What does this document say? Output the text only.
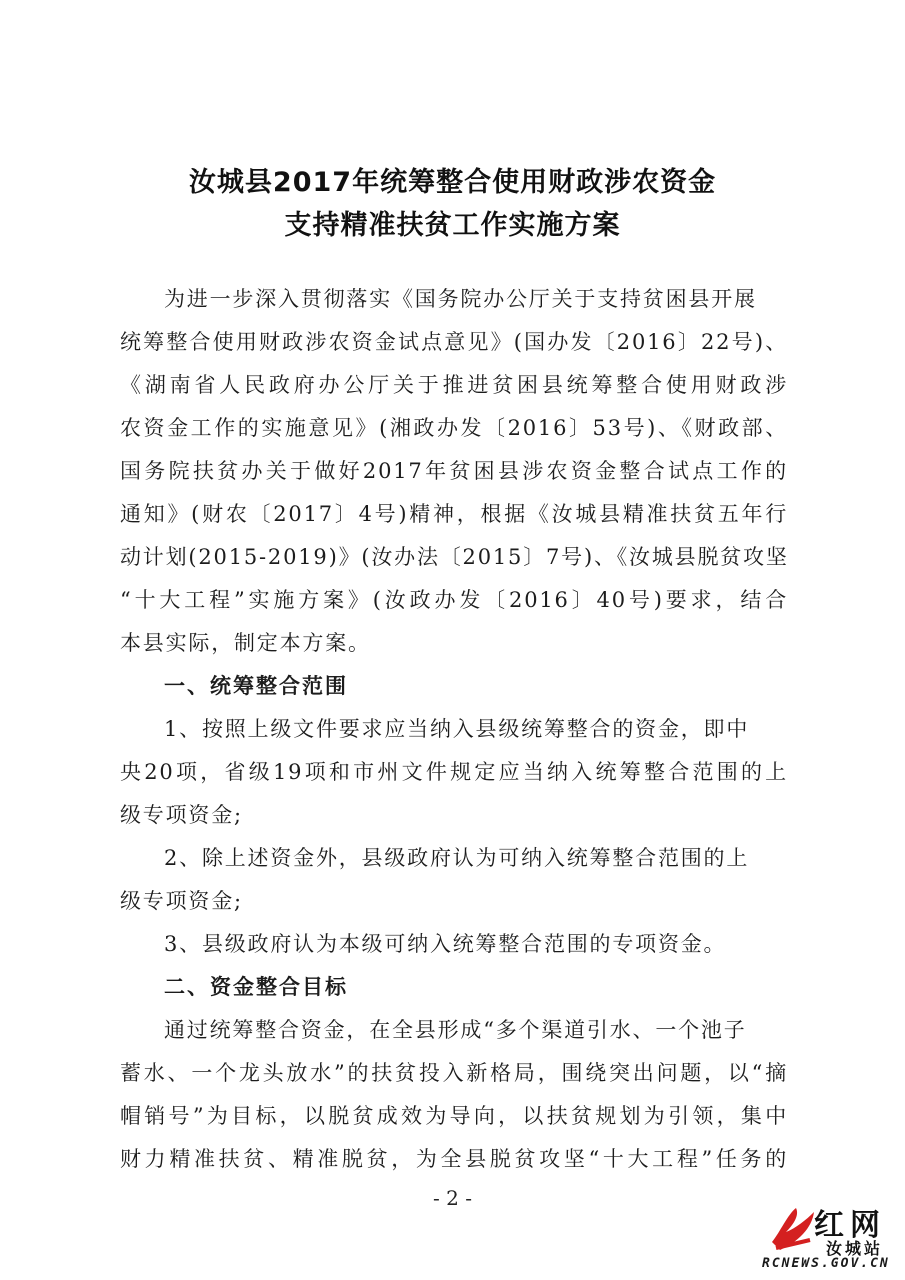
汝城县2017年统筹整合使用财政涉农资金
支持精准扶贫工作实施方案
为进一步深入贯彻落实《国务院办公厅关于支持贫困县开展
统筹整合使用财政涉农资金试点意见》(国办发〔2016〕22号)、
《湖南省人民政府办公厅关于推进贫困县统筹整合使用财政涉
农资金工作的实施意见》(湘政办发〔2016〕53号)、《财政部、
国务院扶贫办关于做好2017年贫困县涉农资金整合试点工作的
通知》(财农〔2017〕4号)精神，根据《汝城县精准扶贫五年行
动计划(2015-2019)》(汝办法〔2015〕7号)、《汝城县脱贫攻坚
“十大工程”实施方案》(汝政办发〔2016〕40号)要求，结合
本县实际，制定本方案。
一、统筹整合范围
1、按照上级文件要求应当纳入县级统筹整合的资金，即中
央20项，省级19项和市州文件规定应当纳入统筹整合范围的上
级专项资金;
2、除上述资金外，县级政府认为可纳入统筹整合范围的上
级专项资金;
3、县级政府认为本级可纳入统筹整合范围的专项资金。
二、资金整合目标
通过统筹整合资金，在全县形成“多个渠道引水、一个池子
蓄水、一个龙头放水”的扶贫投入新格局，围绕突出问题，以“摘
帽销号”为目标，以脱贫成效为导向，以扶贫规划为引领，集中
财力精准扶贫、精准脱贫，为全县脱贫攻坚“十大工程”任务的
- 2 -
红网
汝城站
RCNEWS.GOV.CN
